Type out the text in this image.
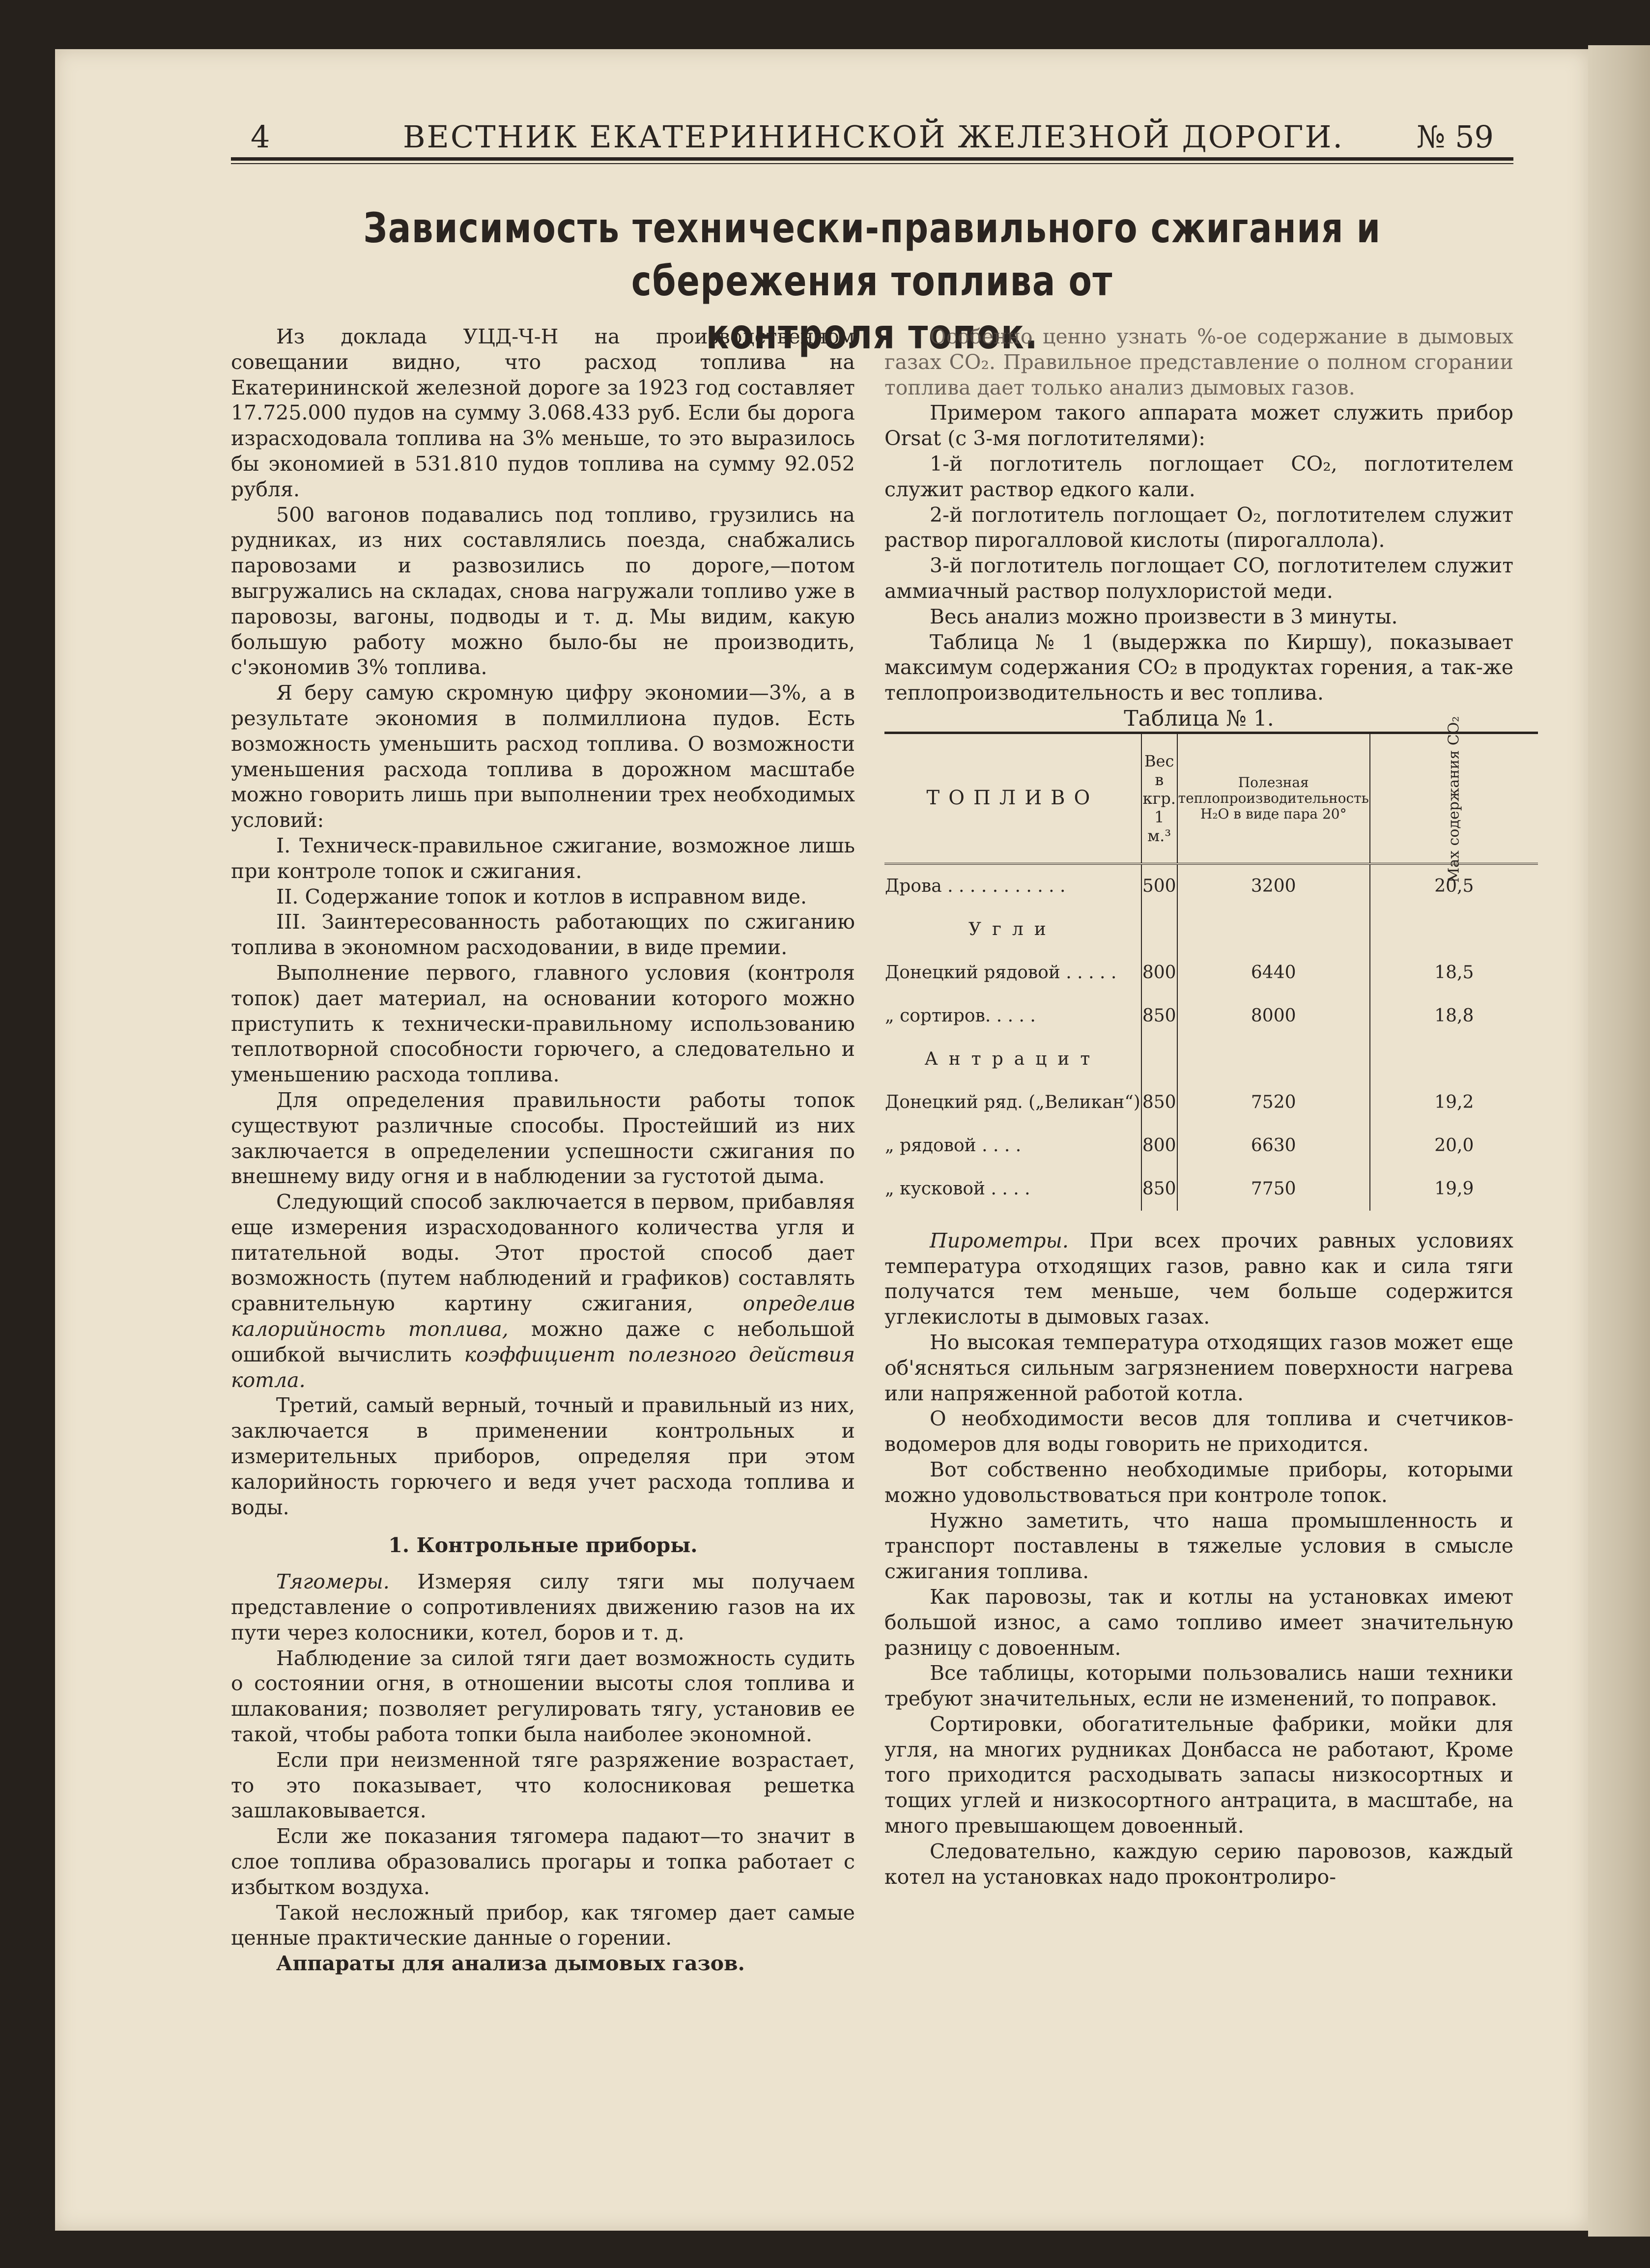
4	ВЕСТНИК ЕКАТЕРИНИНСКОЙ ЖЕЛЕЗНОЙ ДОРОГИ. № 59
Зависимость технически-правильного сжигания и сбережения топлива от
контроля топок.

Из доклада УЦД-Ч-Н на производственном совещании видно, что расход топлива на Екатерининской железной дороге за 1923 год составляет 17.725.000 пудов на сумму 3.068.433 руб. Если бы дорога израсходовала топлива на 3% меньше, то это выразилось бы экономией в 531.810 пудов топлива на сумму 92.052 рубля.

500 вагонов подавались под топливо, грузились на рудниках, из них составлялись поезда, снабжались паровозами и развозились по дороге,—потом выгружались на складах, снова нагружали топливо уже в паровозы, вагоны, подводы и т. д. Мы видим, какую большую работу можно было-бы не производить, с'экономив 3% топлива.

Я беру самую скромную цифру экономии—3%, а в результате экономия в полмиллиона пудов. Есть возможность уменьшить расход топлива. О возможности уменьшения расхода топлива в дорожном масштабе можно говорить лишь при выполнении трех необходимых условий:

I. Техническ-правильное сжигание, возможное лишь при контроле топок и сжигания.

II. Содержание топок и котлов в исправном виде.

III. Заинтересованность работающих по сжиганию топлива в экономном расходовании, в виде премии.

Выполнение первого, главного условия (контроля топок) дает материал, на основании которого можно приступить к технически-правильному использованию теплотворной способности горючего, а следовательно и уменьшению расхода топлива.

Для определения правильности работы топок существуют различные способы. Простейший из них заключается в определении успешности сжигания по внешнему виду огня и в наблюдении за густотой дыма.

Следующий способ заключается в первом, прибавляя еще измерения израсходованного количества угля и питательной воды. Этот простой способ дает возможность (путем наблюдений и графиков) составлять сравнительную картину сжигания, определив калорийность топлива, можно даже с небольшой ошибкой вычислить коэффициент полезного действия котла.

Третий, самый верный, точный и правильный из них, заключается в применении контрольных и измерительных приборов, определяя при этом калорийность горючего и ведя учет расхода топлива и воды.

1. Контрольные приборы.

Тягомеры. Измеряя силу тяги мы получаем представление о сопротивлениях движению газов на их пути через колосники, котел, боров и т. д.

Наблюдение за силой тяги дает возможность судить о состоянии огня, в отношении высоты слоя топлива и шлакования; позволяет регулировать тягу, установив ее такой, чтобы работа топки была наиболее экономной.

Если при неизменной тяге разряжение возрастает, то это показывает, что колосниковая решетка зашлаковывается.

Если же показания тягомера падают—то значит в слое топлива образовались прогары и топка работает с избытком воздуха.

Такой несложный прибор, как тягомер дает самые ценные практические данные о горении.

Аппараты для анализа дымовых газов.

Особенно ценно узнать %-ое содержание в дымовых газах CO₂. Правильное представление о полном сгорании топлива дает только анализ дымовых газов.

Примером такого аппарата может служить прибор Orsat (с 3-мя поглотителями):

1-й поглотитель поглощает CO₂, поглотителем служит раствор едкого кали.

2-й поглотитель поглощает O₂, поглотителем служит раствор пирогалловой кислоты (пирогаллола).

3-й поглотитель поглощает CO, поглотителем служит аммиачный раствор полухлористой меди.

Весь анализ можно произвести в 3 минуты.

Таблица № 1 (выдержка по Киршу), показывает максимум содержания CO₂ в продуктах горения, а так-же теплопроизводительность и вес топлива.

Таблица № 1.

ТОПЛИВО	Вес в кгр. 1 м.³	Полезная теплопроизводительность H₂O в виде пара 20°	Max содержания CO₂
Дрова . . . . . . . . . . .	500	3200	20,5
Угли			
Донецкий рядовой . . . . .	800	6440	18,5
„ сортиров. . . . .	850	8000	18,8
Антрацит			
Донецкий ряд. („Великан“)	850	7520	19,2
„ рядовой . . . .	800	6630	20,0
„ кусковой . . . .	850	7750	19,9

Пирометры. При всех прочих равных условиях температура отходящих газов, равно как и сила тяги получатся тем меньше, чем больше содержится углекислоты в дымовых газах.

Но высокая температура отходящих газов может еще об'ясняться сильным загрязнением поверхности нагрева или напряженной работой котла.

О необходимости весов для топлива и счетчиков-водомеров для воды говорить не приходится.

Вот собственно необходимые приборы, которыми можно удовольствоваться при контроле топок.

Нужно заметить, что наша промышленность и транспорт поставлены в тяжелые условия в смысле сжигания топлива.

Как паровозы, так и котлы на установках имеют большой износ, а само топливо имеет значительную разницу с довоенным.

Все таблицы, которыми пользовались наши техники требуют значительных, если не изменений, то поправок.

Сортировки, обогатительные фабрики, мойки для угля, на многих рудниках Донбасса не работают, Кроме того приходится расходывать запасы низкосортных и тощих углей и низкосортного антрацита, в масштабе, на много превышающем довоенный.

Следовательно, каждую серию паровозов, каждый котел на установках надо проконтролиро-
